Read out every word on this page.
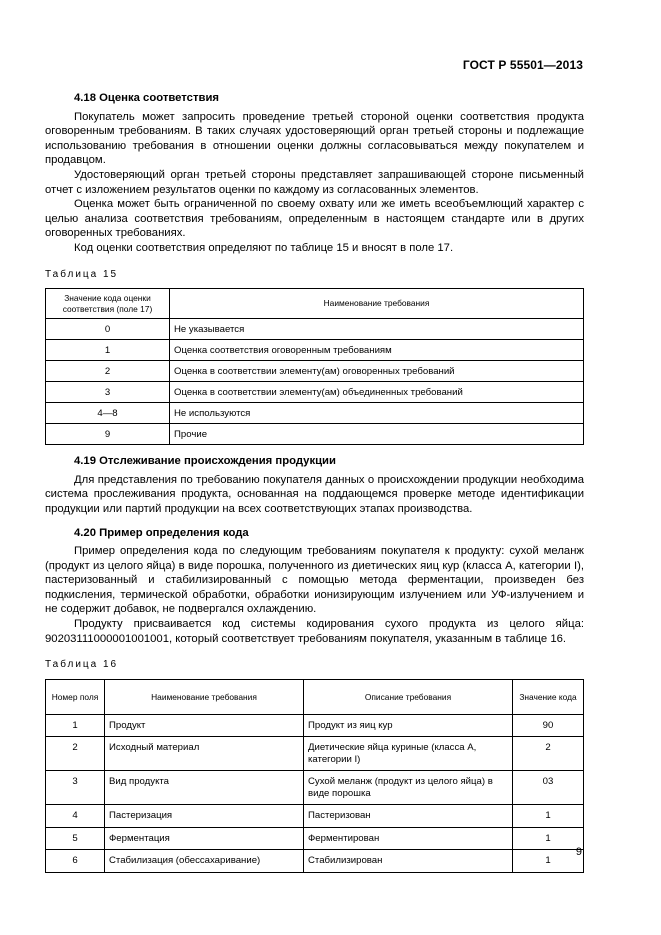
ГОСТ Р 55501—2013
4.18 Оценка соответствия

Покупатель может запросить проведение третьей стороной оценки соответствия продукта оговоренным требованиям. В таких случаях удостоверяющий орган третьей стороны и подлежащие использованию требования в отношении оценки должны согласовываться между покупателем и продавцом.

Удостоверяющий орган третьей стороны представляет запрашивающей стороне письменный отчет с изложением результатов оценки по каждому из согласованных элементов.

Оценка может быть ограниченной по своему охвату или же иметь всеобъемлющий характер с целью анализа соответствия требованиям, определенным в настоящем стандарте или в других оговоренных требованиях.

Код оценки соответствия определяют по таблице 15 и вносят в поле 17.

Таблица 15
Значение кода оценки соответствия (поле 17)	Наименование требования
0	Не указывается
1	Оценка соответствия оговоренным требованиям
2	Оценка в соответствии элементу(ам) оговоренных требований
3	Оценка в соответствии элементу(ам) объединенных требований
4—8	Не используются
9	Прочие
4.19 Отслеживание происхождения продукции

Для представления по требованию покупателя данных о происхождении продукции необходима система прослеживания продукта, основанная на поддающемся проверке методе идентификации продукции или партий продукции на всех соответствующих этапах производства.

4.20 Пример определения кода

Пример определения кода по следующим требованиям покупателя к продукту: сухой меланж (продукт из целого яйца) в виде порошка, полученного из диетических яиц кур (класса А, категории I), пастеризованный и стабилизированный с помощью метода ферментации, произведен без подкисления, термической обработки, обработки ионизирующим излучением или УФ-излучением и не содержит добавок, не подвергался охлаждению.

Продукту присваивается код системы кодирования сухого продукта из целого яйца: 90203111000001001001, который соответствует требованиям покупателя, указанным в таблице 16.

Таблица 16
Номер поля	Наименование требования	Описание требования	Значение кода
1	Продукт	Продукт из яиц кур	90
2	Исходный материал	Диетические яйца куриные (класса А, категории I)	2
3	Вид продукта	Сухой меланж (продукт из целого яйца) в виде порошка	03
4	Пастеризация	Пастеризован	1
5	Ферментация	Ферментирован	1
6	Стабилизация (обессахаривание)	Стабилизирован	1
9
